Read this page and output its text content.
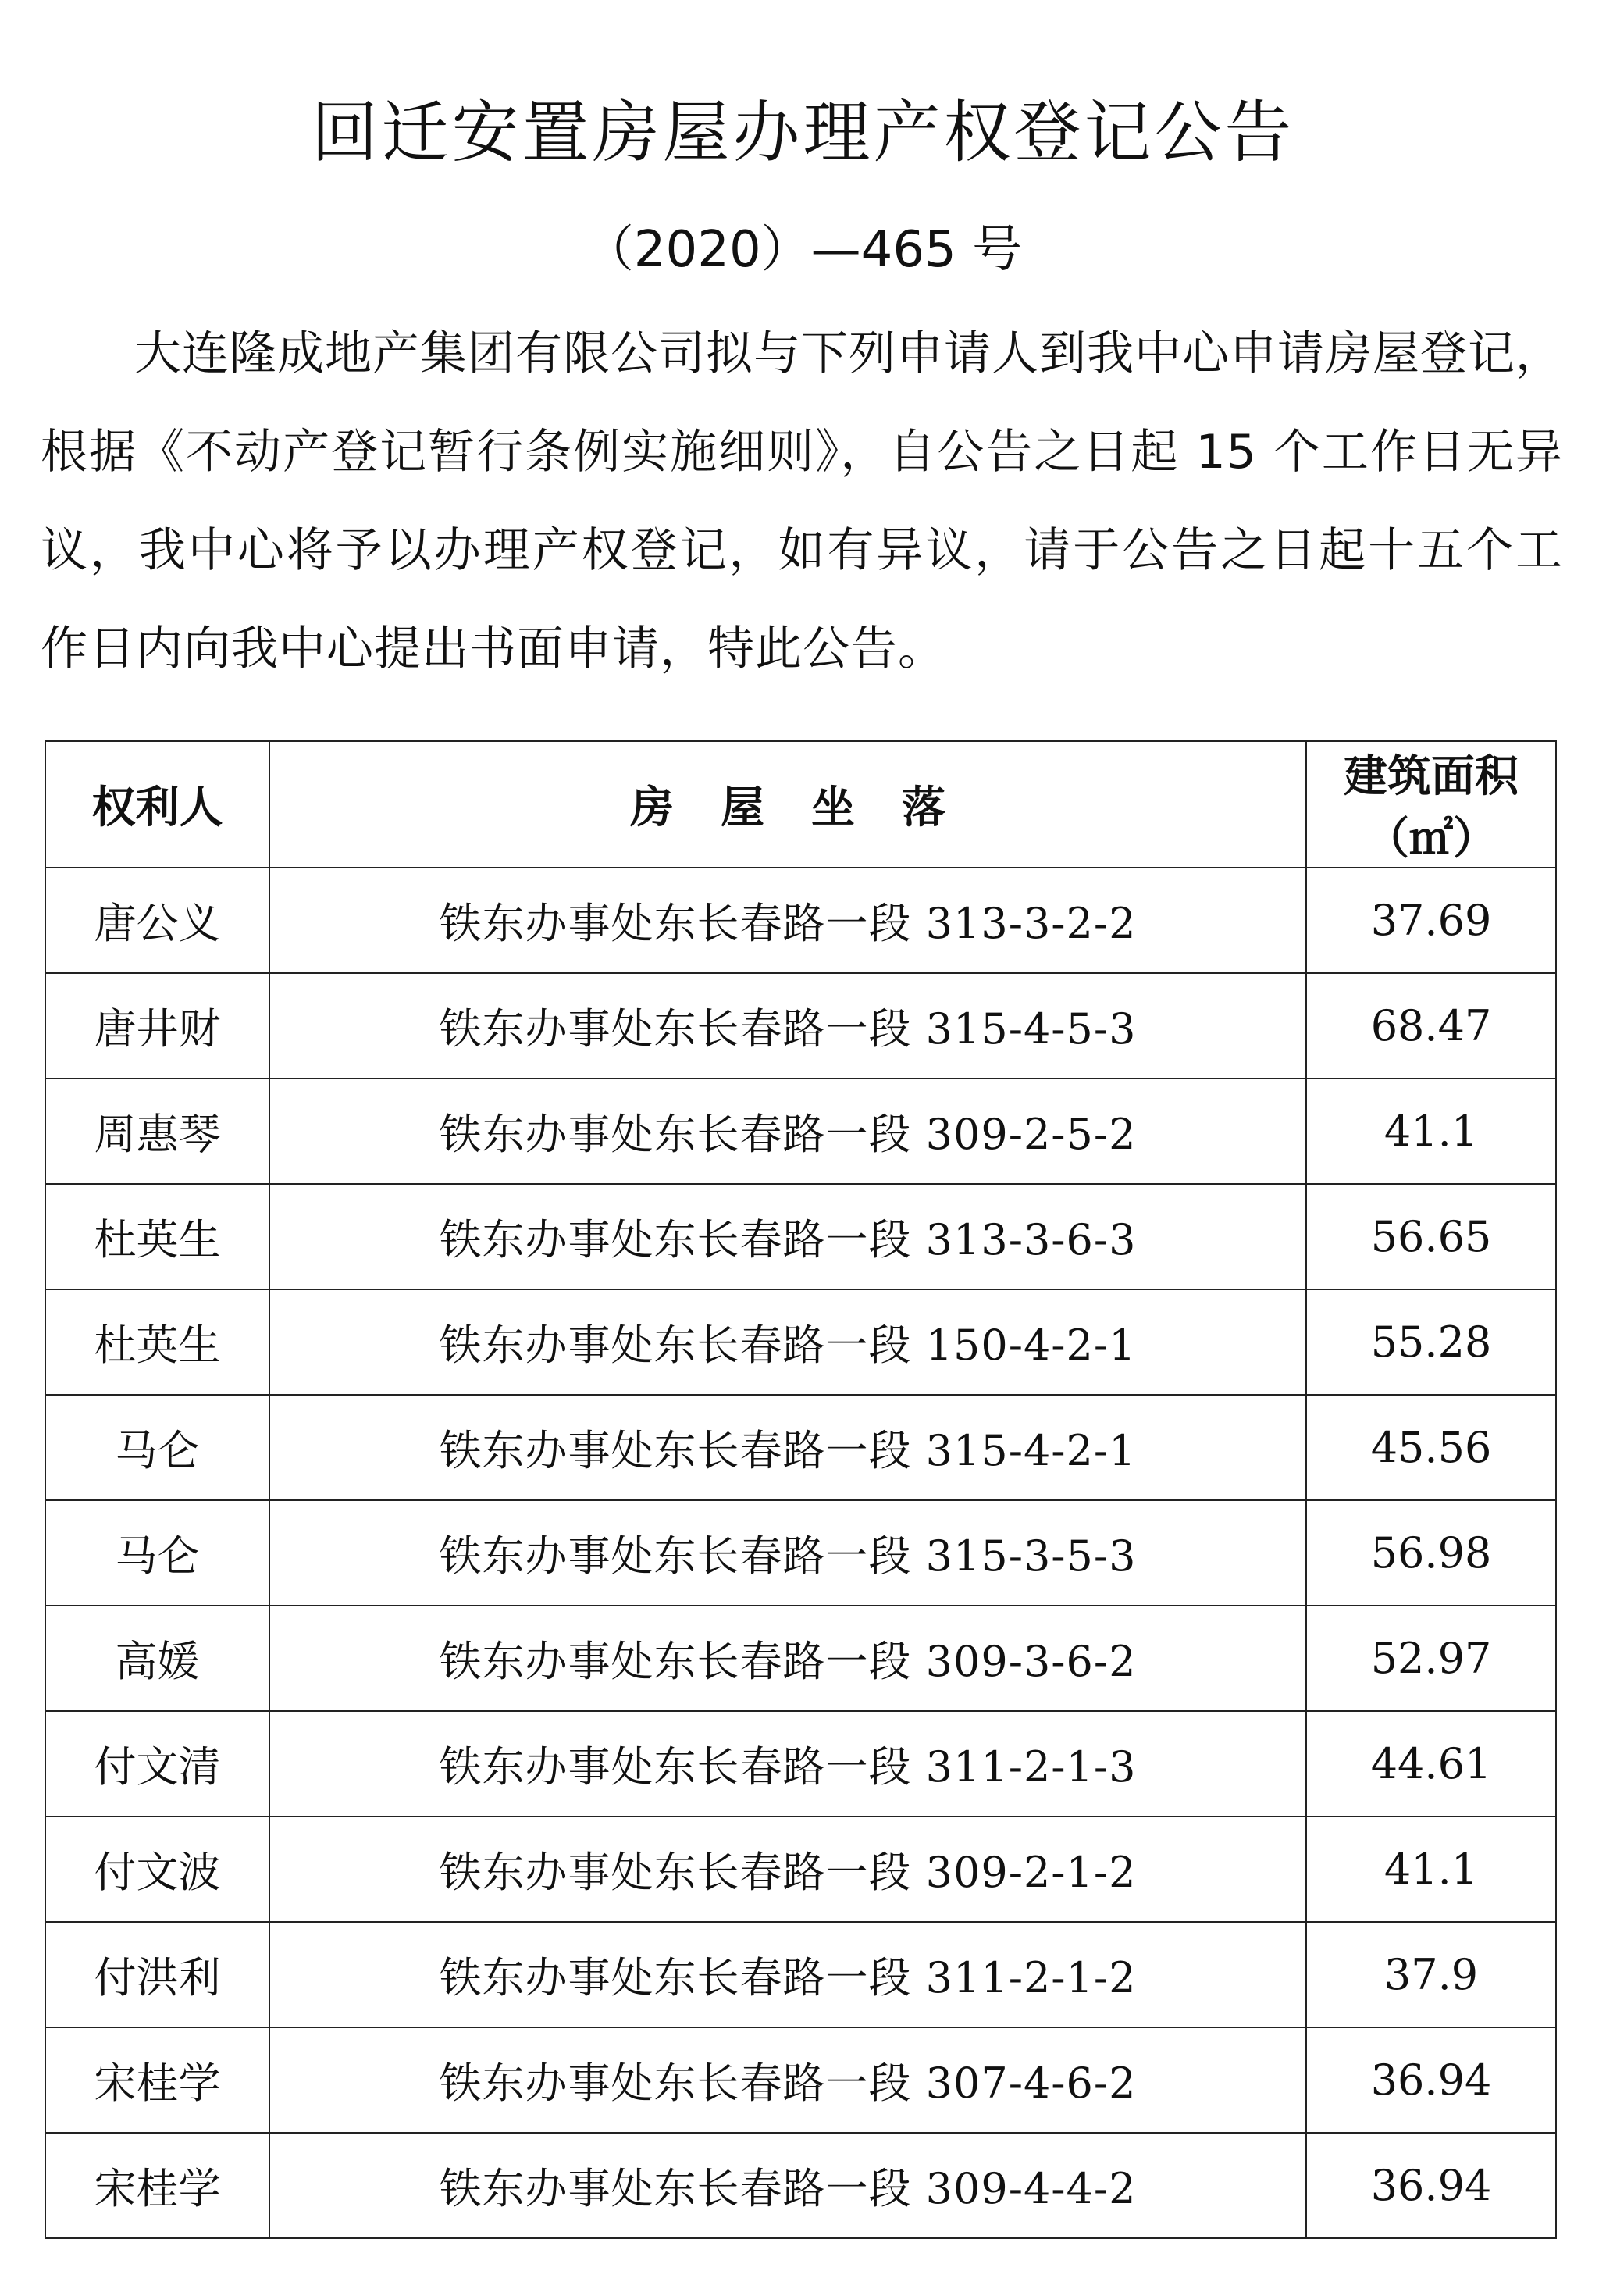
回迁安置房屋办理产权登记公告
（2020）—465 号
大连隆成地产集团有限公司拟与下列申请人到我中心申请房屋登记，根据《不动产登记暂行条例实施细则》，自公告之日起 15 个工作日无异议，我中心将予以办理产权登记，如有异议，请于公告之日起十五个工作日内向我中心提出书面申请，特此公告。
权利人	房屋坐落	建筑面积
（㎡）

唐公义	铁东办事处东长春路一段 313-3-2-2	37.69
唐井财	铁东办事处东长春路一段 315-4-5-3	68.47
周惠琴	铁东办事处东长春路一段 309-2-5-2	41.1
杜英生	铁东办事处东长春路一段 313-3-6-3	56.65
杜英生	铁东办事处东长春路一段 150-4-2-1	55.28
马仑	铁东办事处东长春路一段 315-4-2-1	45.56
马仑	铁东办事处东长春路一段 315-3-5-3	56.98
高媛	铁东办事处东长春路一段 309-3-6-2	52.97
付文清	铁东办事处东长春路一段 311-2-1-3	44.61
付文波	铁东办事处东长春路一段 309-2-1-2	41.1
付洪利	铁东办事处东长春路一段 311-2-1-2	37.9
宋桂学	铁东办事处东长春路一段 307-4-6-2	36.94
宋桂学	铁东办事处东长春路一段 309-4-4-2	36.94
